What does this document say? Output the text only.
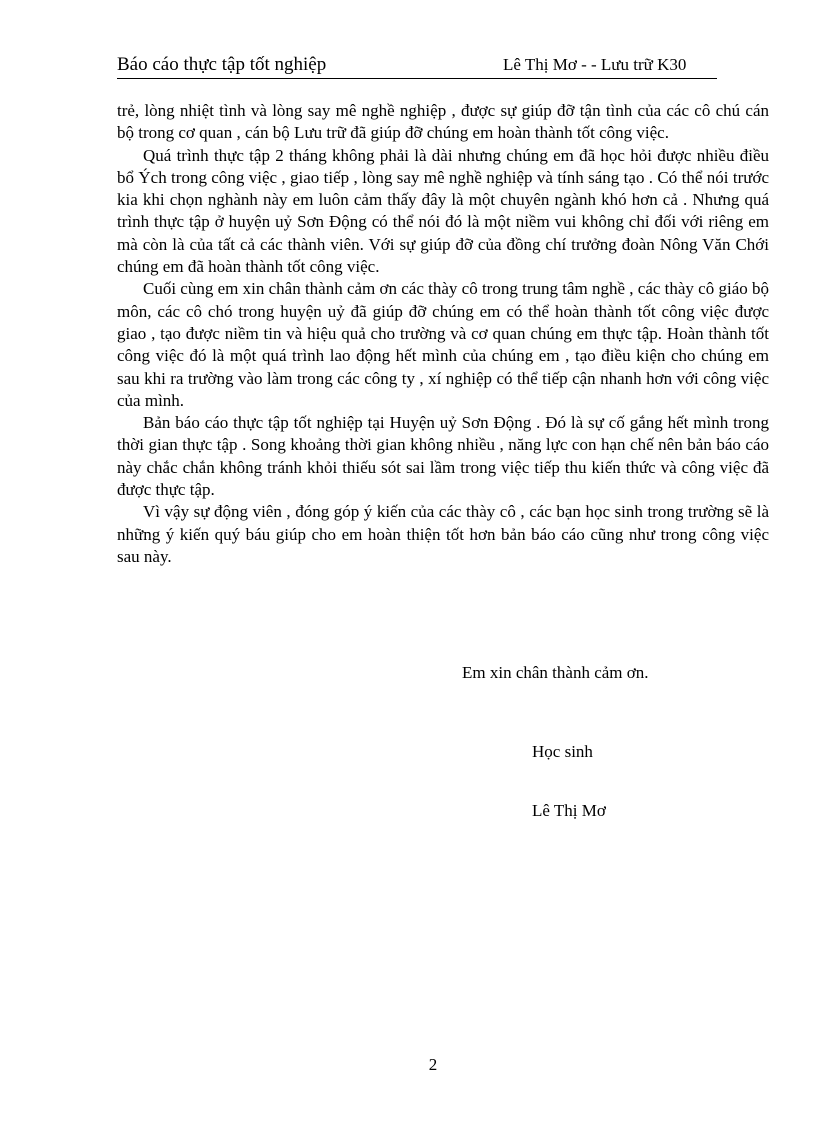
Báo cáo thực tập tốt nghiệp	Lê Thị Mơ - - Lưu trữ K30

trẻ, lòng nhiệt tình và lòng say mê nghề nghiệp , được sự giúp đỡ tận tình của các cô chú cán bộ trong cơ quan , cán bộ Lưu trữ đã giúp đỡ chúng em hoàn thành tốt công việc.

Quá trình thực tập 2 tháng không phải là dài nhưng chúng em đã học hỏi được nhiều điều bổ Ých trong công việc , giao tiếp , lòng say mê nghề nghiệp và tính sáng tạo . Có thể nói trước kia khi chọn nghành này em luôn cảm thấy đây là một chuyên ngành khó hơn cả . Nhưng quá trình thực tập ở huyện uỷ Sơn Động có thể nói đó là một niềm vui không chỉ đối với riêng em mà còn là của tất cả các thành viên. Với sự giúp đỡ của đồng chí trưởng đoàn Nông Văn Chới chúng em đã hoàn thành tốt công việc.

Cuối cùng em xin chân thành cảm ơn các thày cô trong trung tâm nghề , các thày cô giáo bộ môn, các cô chó trong huyện uỷ đã giúp đỡ chúng em có thể hoàn thành tốt công việc được giao , tạo được niềm tin và hiệu quả cho trường và cơ quan chúng em thực tập. Hoàn thành tốt công việc đó là một quá trình lao động hết mình của chúng em , tạo điều kiện cho chúng em sau khi ra trường vào làm trong các công ty , xí nghiệp có thể tiếp cận nhanh hơn với công việc của mình.

Bản báo cáo thực tập tốt nghiệp tại Huyện uỷ Sơn Động . Đó là sự cố gắng hết mình trong thời gian thực tập . Song khoảng thời gian không nhiều , năng lực con hạn chế nên bản báo cáo này chắc chắn không tránh khỏi thiếu sót sai lầm trong việc tiếp thu kiến thức và công việc đã được thực tập.

Vì vậy sự động viên , đóng góp ý kiến của các thày cô , các bạn học sinh trong trường sẽ là những ý kiến quý báu giúp cho em hoàn thiện tốt hơn bản báo cáo cũng như trong công việc sau này.

Em xin chân thành cảm ơn.
Học sinh
Lê Thị Mơ
2
